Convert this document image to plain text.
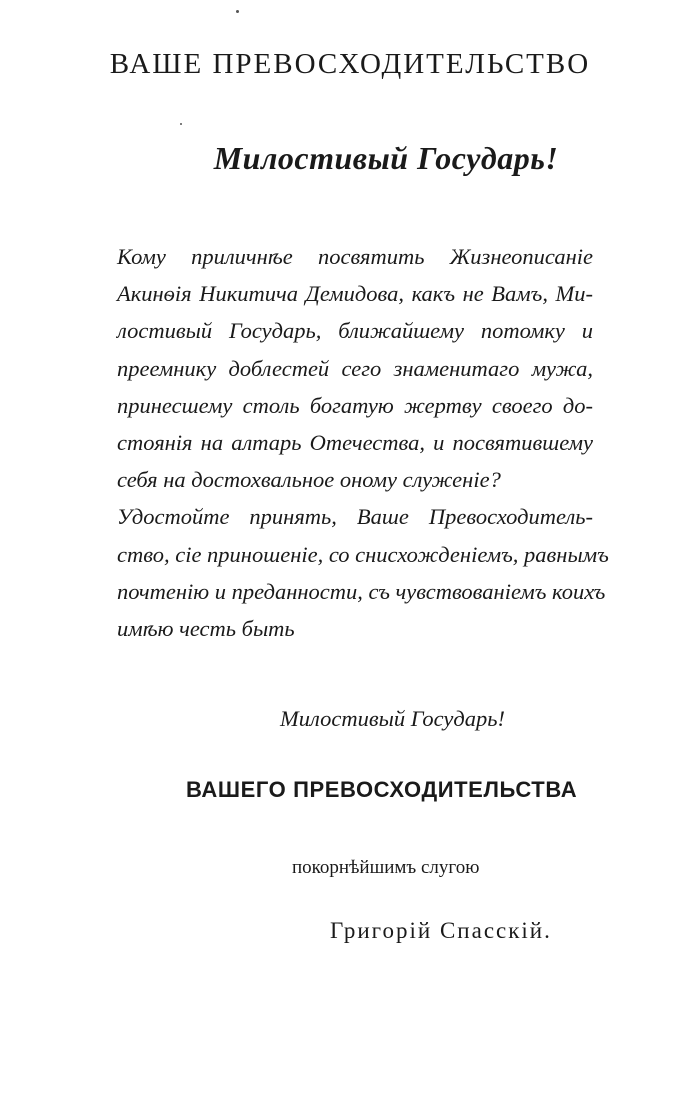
ВАШЕ ПРЕВОСХОДИТЕЛЬСТВО
Милостивый Государь!
Кому приличнѣе посвятить Жизнеописаніе
Акинѳія Никитича Демидова, какъ не Вамъ, Ми-
лостивый Государь, ближайшему потомку и
преемнику доблестей сего знаменитаго мужа,
принесшему столь богатую жертву своего до-
стоянія на алтарь Отечества, и посвятившему
себя на достохвальное оному служеніе?
Удостойте принять, Ваше Превосходитель-
ство, сіе приношеніе, со снисхожденіемъ, равнымъ
почтенію и преданности, съ чувствованіемъ коихъ
имѣю честь быть
Милостивый Государь!
ВАШЕГО ПРЕВОСХОДИТЕЛЬСТВА
покорнѣйшимъ слугою
Григорій Спасскій.
